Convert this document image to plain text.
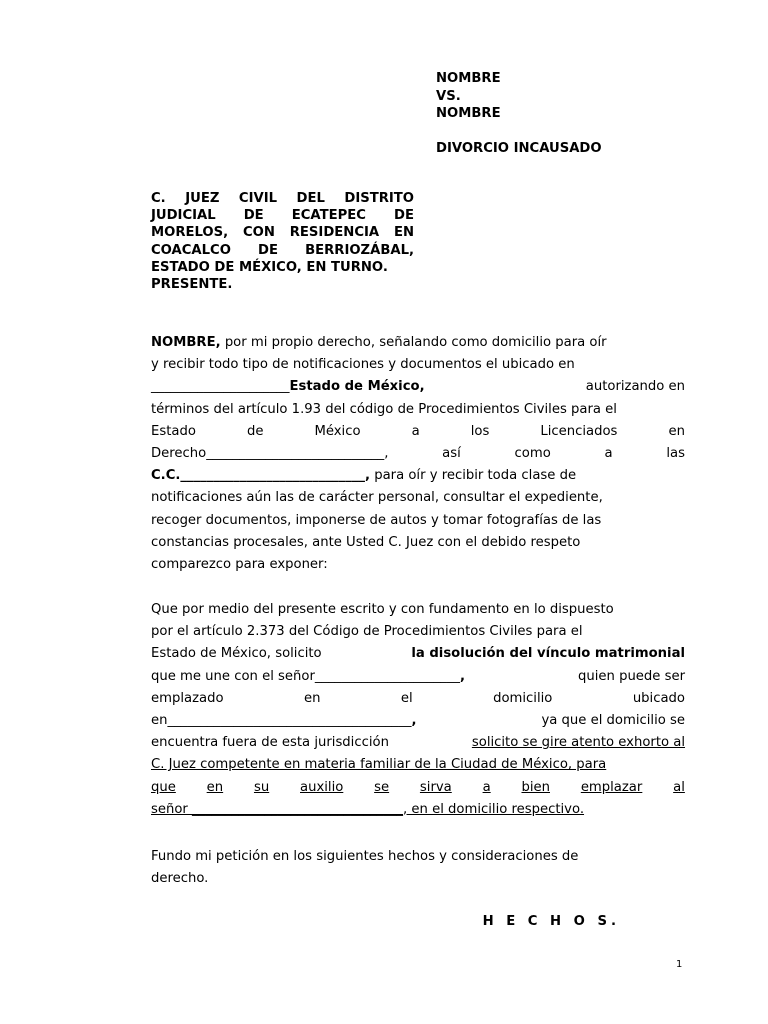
NOMBRE
VS.
NOMBRE
DIVORCIO INCAUSADO
C. JUEZ CIVIL DEL DISTRITO JUDICIAL DE ECATEPEC DE MORELOS, CON RESIDENCIA EN COACALCO DE BERRIOZÁBAL, ESTADO DE MÉXICO, EN TURNO.
PRESENTE.
NOMBRE,
por mi propio derecho, señalando como domicilio para oír
y recibir todo tipo de notificaciones y documentos el ubicado en
_____________________Estado de México,	autorizando en
términos del artículo 1.93 del código de Procedimientos Civiles para el
Estado	de	México	a	los	Licenciados	en
Derecho___________________________,	así	como	a	las
C.C.____________________________, para oír y recibir toda clase de
notificaciones aún las de carácter personal, consultar el expediente,
recoger documentos, imponerse de autos y tomar fotografías de las
constancias procesales, ante Usted C. Juez con el debido respeto
comparezco para exponer:
Que por medio del presente escrito y con fundamento en lo dispuesto
por el artículo 2.373 del Código de Procedimientos Civiles para el
Estado de México, solicito	la disolución del vínculo matrimonial
que me une con el señor______________________,	quien puede ser
emplazado	en	el	domicilio	ubicado
en_____________________________________,	ya que el domicilio se
encuentra fuera de esta jurisdicción	solicito se gire atento exhorto al
C. Juez competente en materia familiar de la Ciudad de México, para
que en su auxilio se sirva a bien emplazar al
señor ________________________________ , en el domicilio respectivo.
Fundo mi petición en los siguientes hechos y consideraciones de
derecho.
H E C H O S.
1
